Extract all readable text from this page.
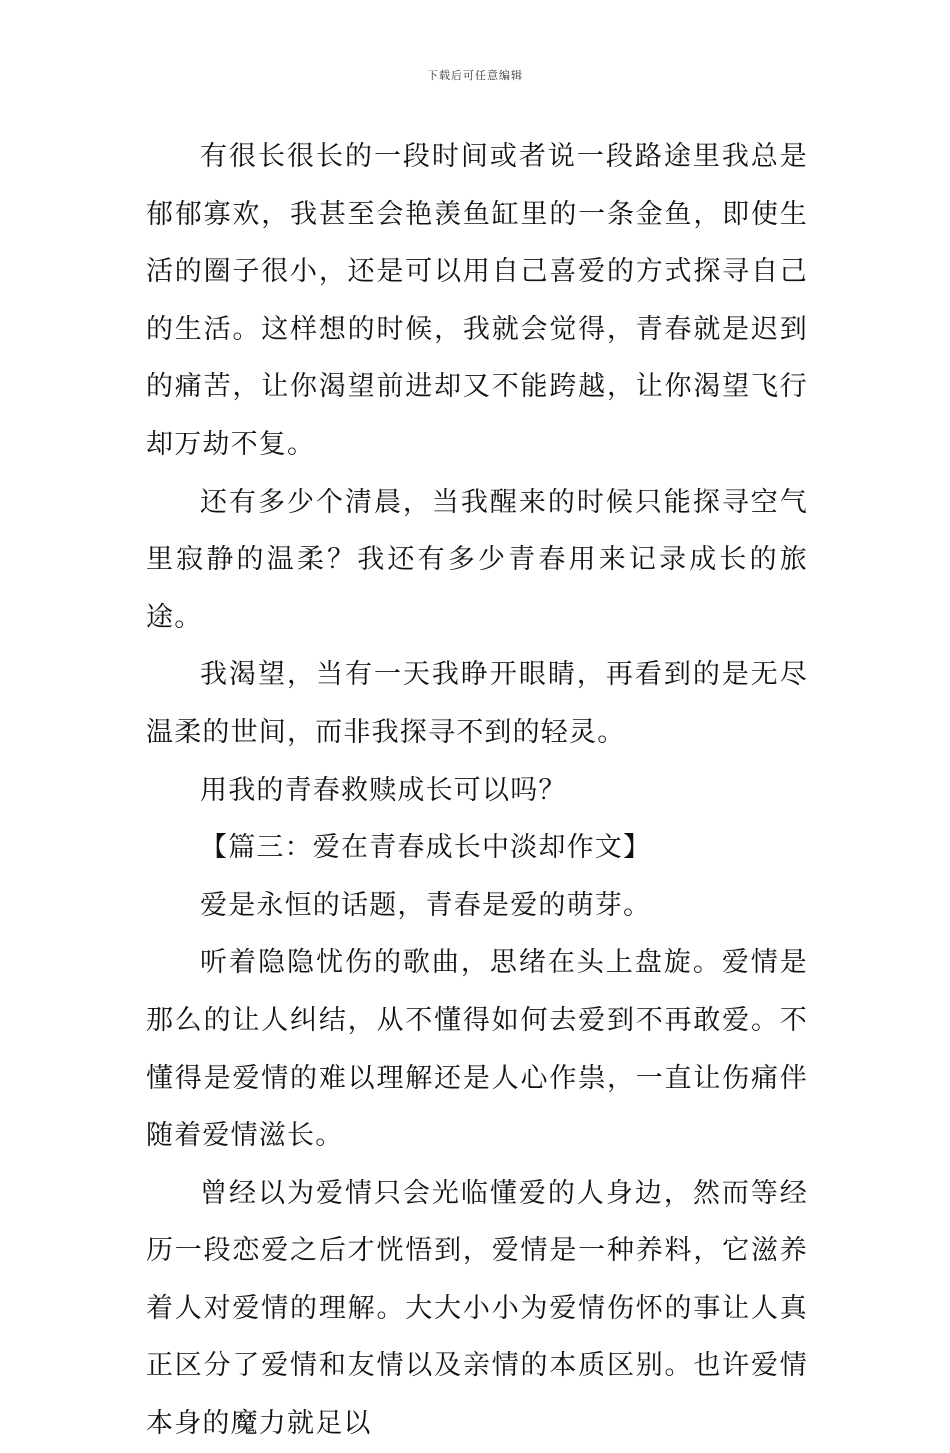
下载后可任意编辑

有很长很长的一段时间或者说一段路途里我总是郁郁寡欢，我甚至会艳羡鱼缸里的一条金鱼，即使生活的圈子很小，还是可以用自己喜爱的方式探寻自己的生活。这样想的时候，我就会觉得，青春就是迟到的痛苦，让你渴望前进却又不能跨越，让你渴望飞行却万劫不复。

还有多少个清晨，当我醒来的时候只能探寻空气里寂静的温柔？我还有多少青春用来记录成长的旅途。

我渴望，当有一天我睁开眼睛，再看到的是无尽温柔的世间，而非我探寻不到的轻灵。

用我的青春救赎成长可以吗？

【篇三：爱在青春成长中淡却作文】

爱是永恒的话题，青春是爱的萌芽。

听着隐隐忧伤的歌曲，思绪在头上盘旋。爱情是那么的让人纠结，从不懂得如何去爱到不再敢爱。不懂得是爱情的难以理解还是人心作祟，一直让伤痛伴随着爱情滋长。

曾经以为爱情只会光临懂爱的人身边，然而等经历一段恋爱之后才恍悟到，爱情是一种养料，它滋养着人对爱情的理解。大大小小为爱情伤怀的事让人真正区分了爱情和友情以及亲情的本质区别。也许爱情本身的魔力就足以
